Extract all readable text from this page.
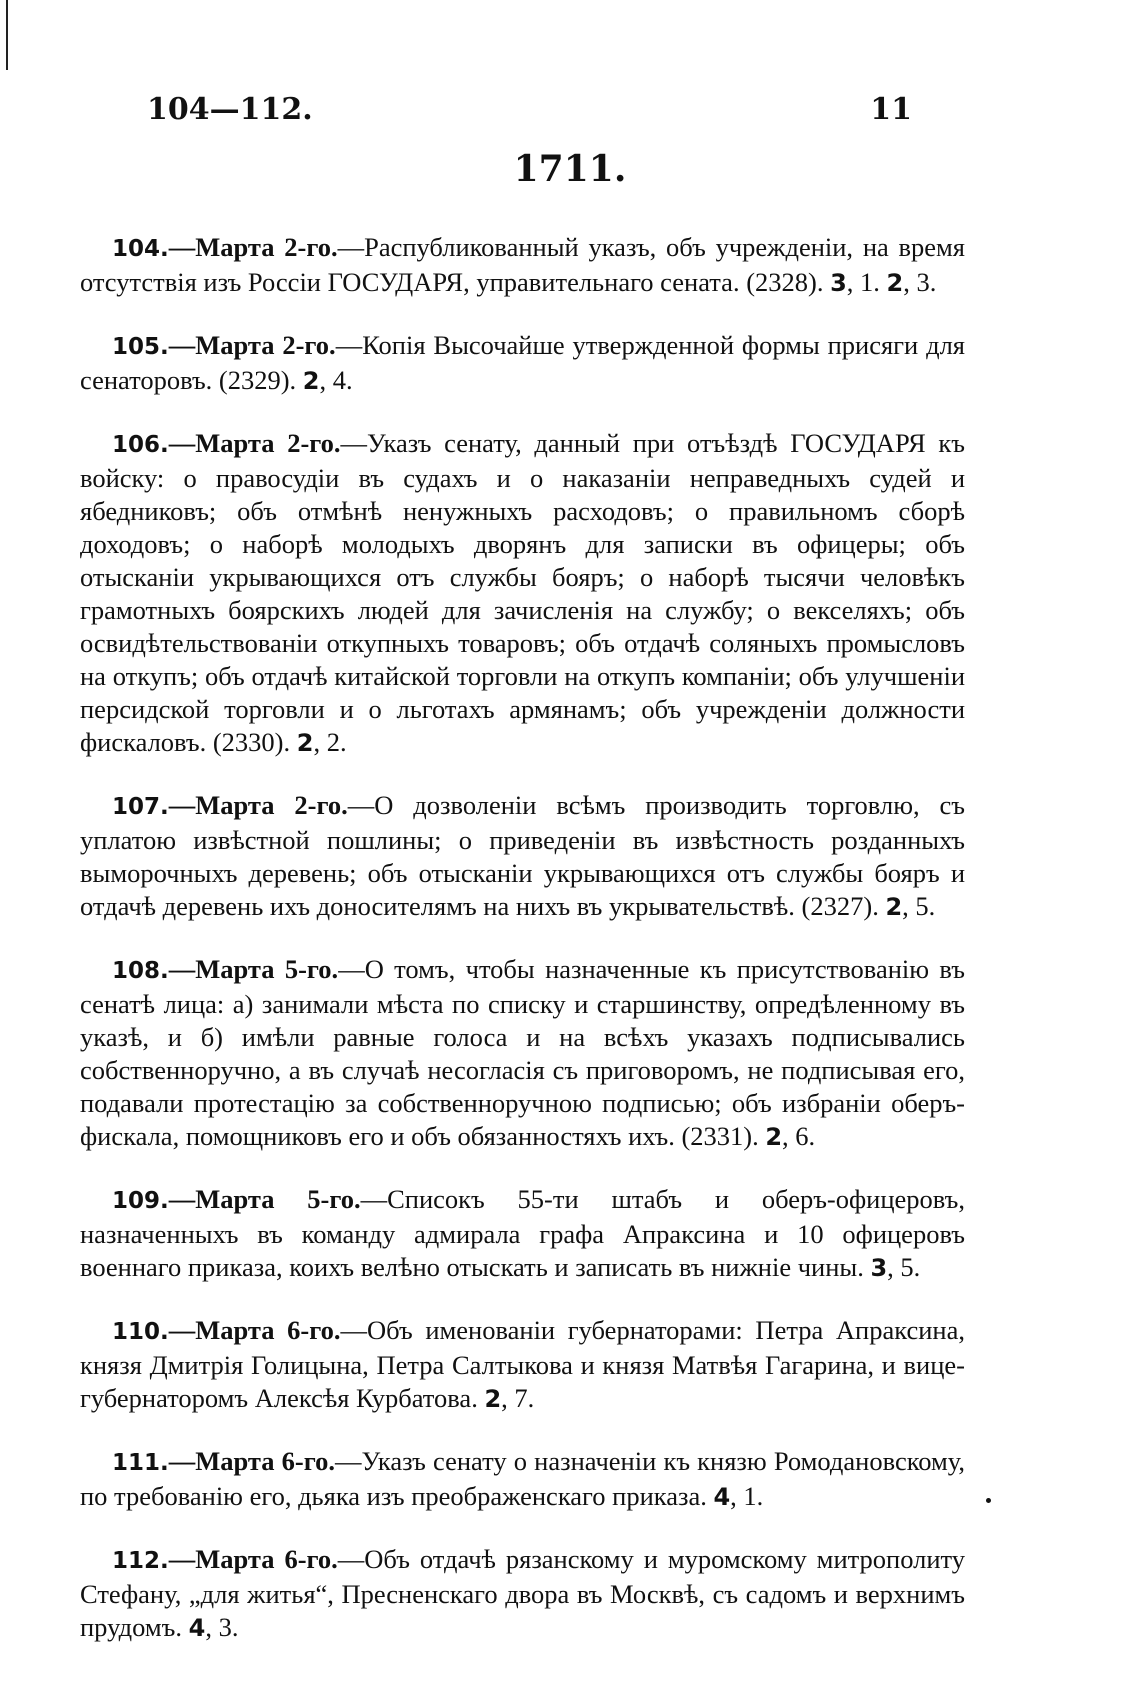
104—112.	11
1711.

104.—Марта 2-го.—Распубликованный указъ, объ учрежденіи, на время отсутствія изъ Россіи ГОСУДАРЯ, управительнаго сената. (2328). 3, 1. 2, 3.

105.—Марта 2-го.—Копія Высочайше утвержденной формы присяги для сенаторовъ. (2329). 2, 4.

106.—Марта 2-го.—Указъ сенату, данный при отъѣздѣ ГОСУДАРЯ къ войску: о правосудіи въ судахъ и о наказаніи неправедныхъ судей и ябедниковъ; объ отмѣнѣ ненужныхъ расходовъ; о правильномъ сборѣ доходовъ; о наборѣ молодыхъ дворянъ для записки въ офицеры; объ отысканіи укрывающихся отъ службы бояръ; о наборѣ тысячи человѣкъ грамотныхъ боярскихъ людей для зачисленія на службу; о векселяхъ; объ освидѣтельствованіи откупныхъ товаровъ; объ отдачѣ соляныхъ промысловъ на откупъ; объ отдачѣ китайской торговли на откупъ компаніи; объ улучшеніи персидской торговли и о льготахъ армянамъ; объ учрежденіи должности фискаловъ. (2330). 2, 2.

107.—Марта 2-го.—О дозволеніи всѣмъ производить торговлю, съ уплатою извѣстной пошлины; о приведеніи въ извѣстность розданныхъ выморочныхъ деревень; объ отысканіи укрывающихся отъ службы бояръ и отдачѣ деревень ихъ доносителямъ на нихъ въ укрывательствѣ. (2327). 2, 5.

108.—Марта 5-го.—О томъ, чтобы назначенные къ присутствованію въ сенатѣ лица: а) занимали мѣста по списку и старшинству, опредѣленному въ указѣ, и б) имѣли равные голоса и на всѣхъ указахъ подписывались собственноручно, а въ случаѣ несогласія съ приговоромъ, не подписывая его, подавали протестацію за собственноручною подписью; объ избраніи оберъ-фискала, помощниковъ его и объ обязанностяхъ ихъ. (2331). 2, 6.

109.—Марта 5-го.—Списокъ 55-ти штабъ и оберъ-офицеровъ, назначенныхъ въ команду адмирала графа Апраксина и 10 офицеровъ военнаго приказа, коихъ велѣно отыскать и записать въ нижніе чины. 3, 5.

110.—Марта 6-го.—Объ именованіи губернаторами: Петра Апраксина, князя Дмитрія Голицына, Петра Салтыкова и князя Матвѣя Гагарина, и вице-губернаторомъ Алексѣя Курбатова. 2, 7.

111.—Марта 6-го.—Указъ сенату о назначеніи къ князю Ромодановскому, по требованію его, дьяка изъ преображенскаго приказа. 4, 1.

112.—Марта 6-го.—Объ отдачѣ рязанскому и муромскому митрополиту Стефану, „для житья“, Пресненскаго двора въ Москвѣ, съ садомъ и верхнимъ прудомъ. 4, 3.
